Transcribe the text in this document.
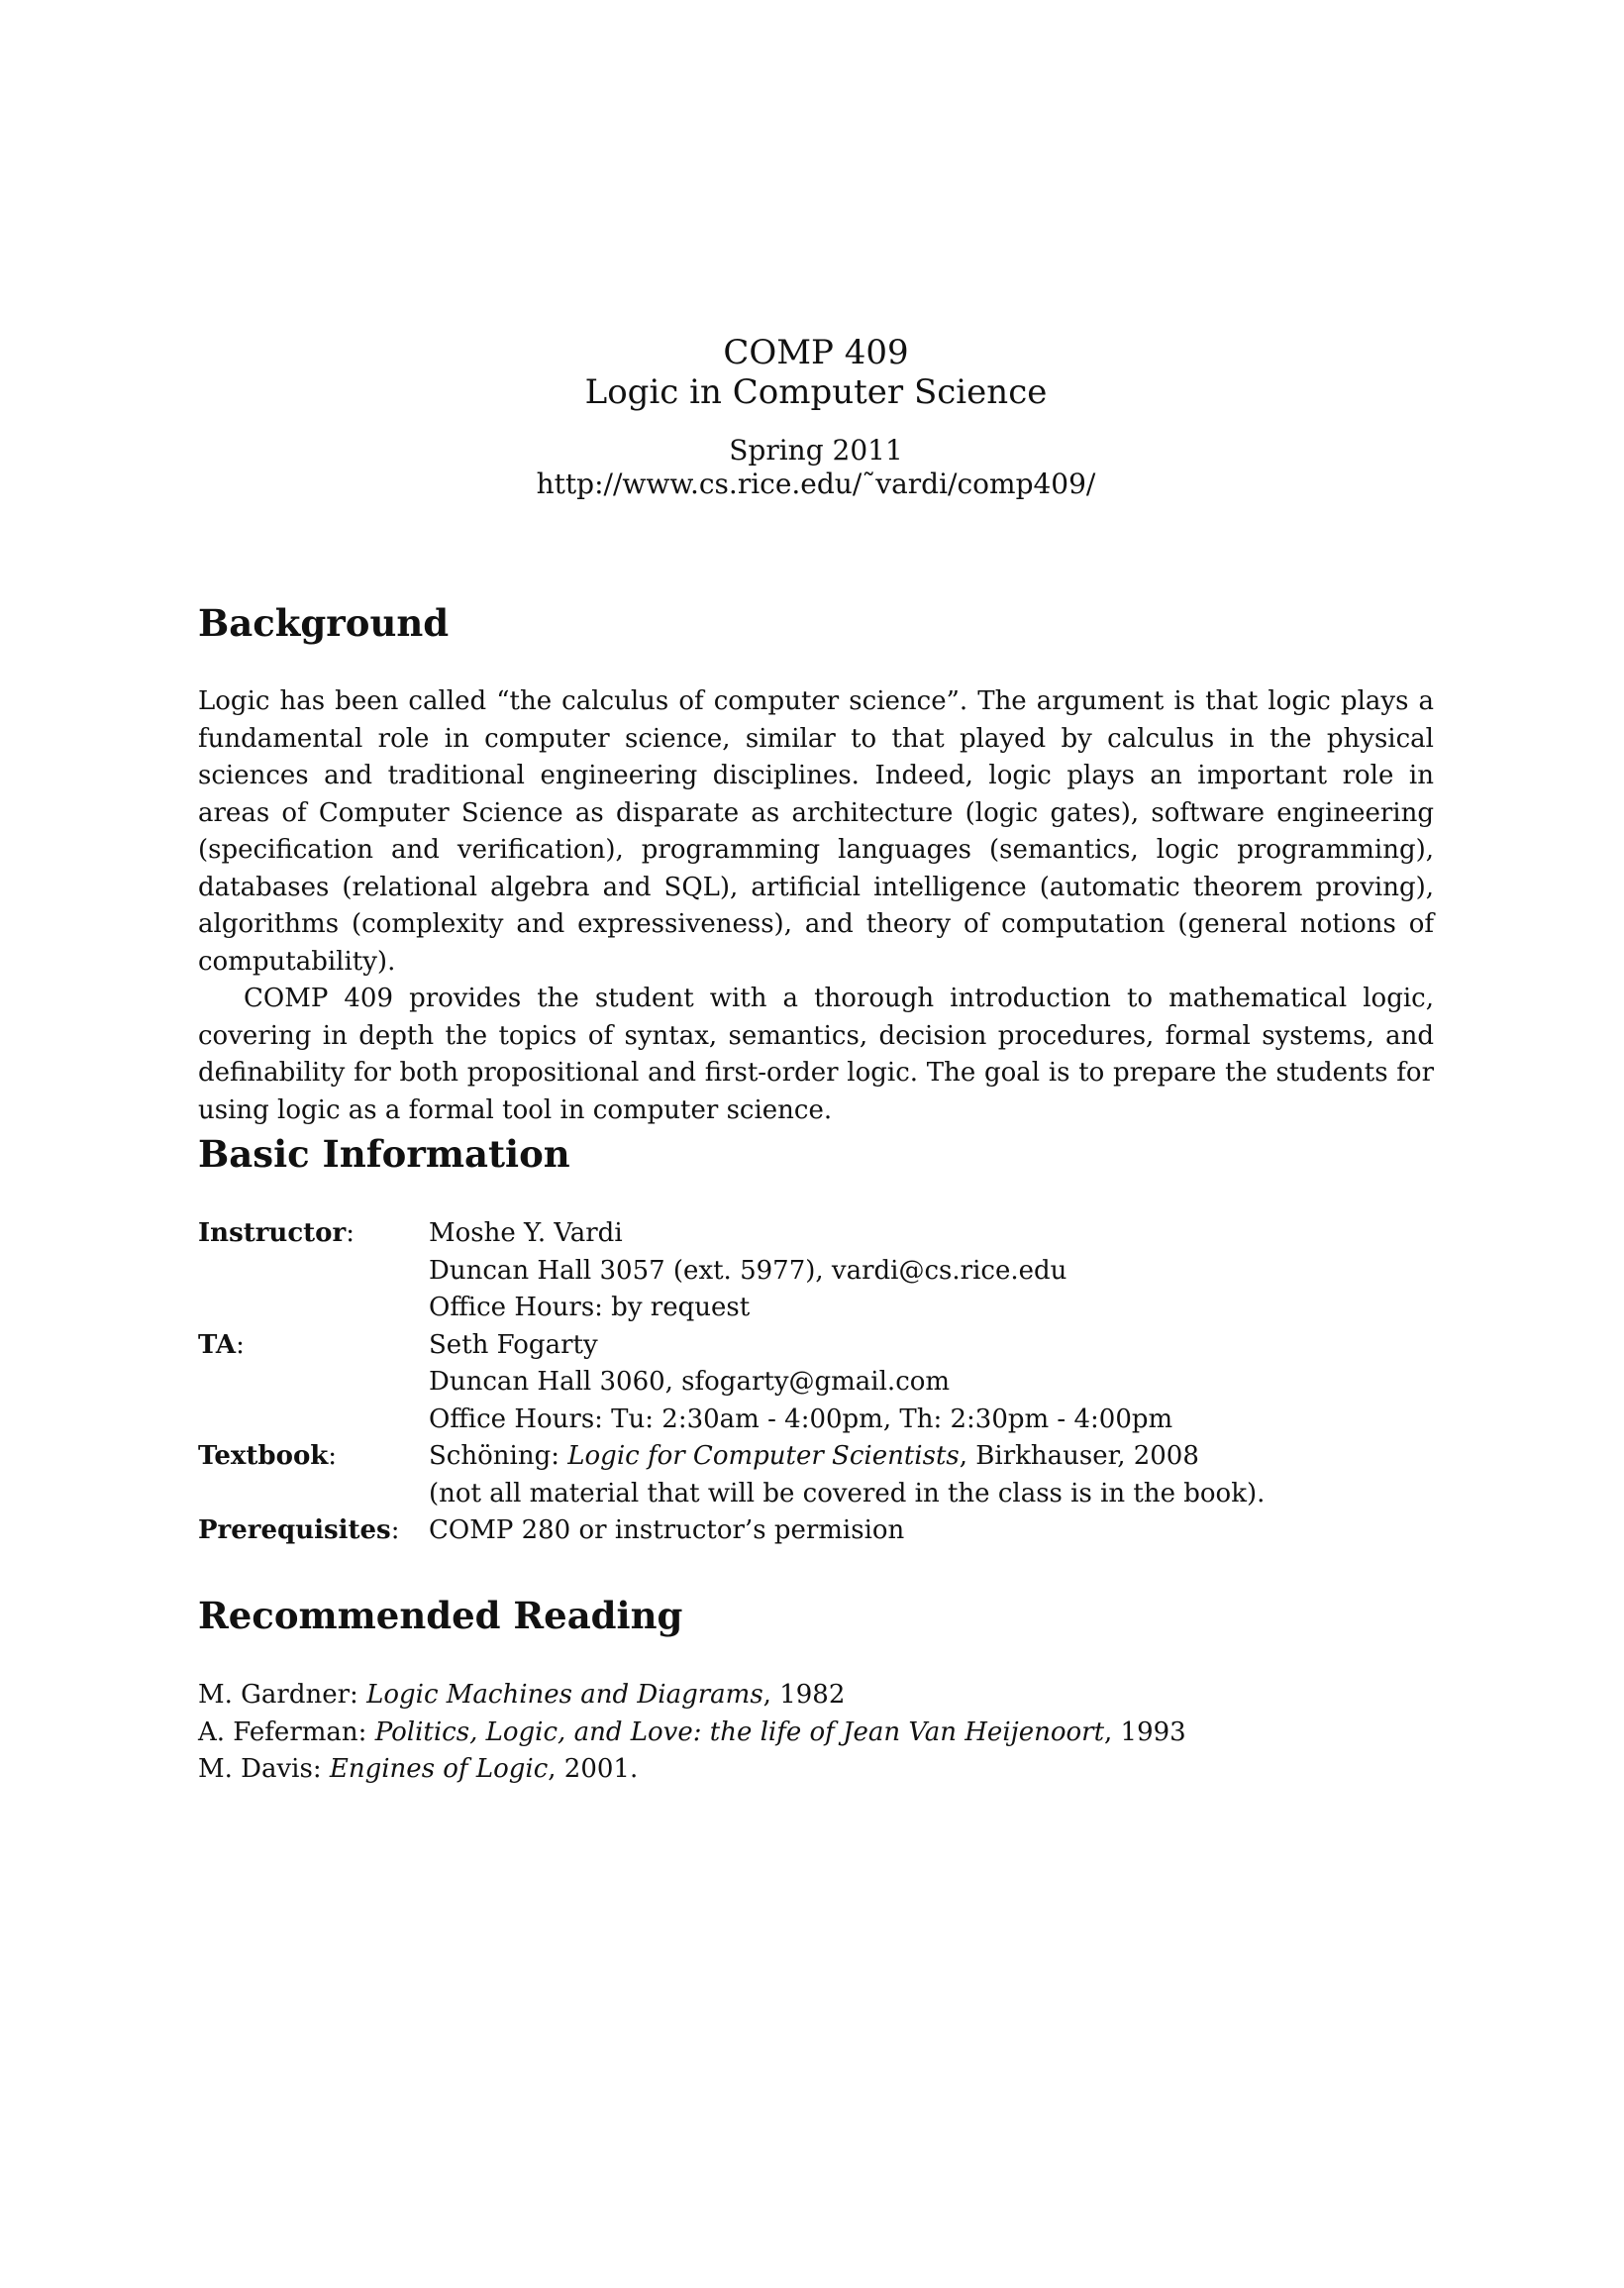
COMP 409
Logic in Computer Science
Spring 2011
http://www.cs.rice.edu/˜vardi/comp409/
Background

Logic has been called “the calculus of computer science”. The argument is that logic plays a fundamental role in computer science, similar to that played by calculus in the physical sciences and traditional engineering disciplines. Indeed, logic plays an important role in areas of Computer Science as disparate as architecture (logic gates), software engineering (specification and verification), programming languages (semantics, logic programming), databases (relational algebra and SQL), artificial intelligence (automatic theorem proving), algorithms (complexity and expressiveness), and theory of computation (general notions of computability).

COMP 409 provides the student with a thorough introduction to mathematical logic, covering in depth the topics of syntax, semantics, decision procedures, formal systems, and definability for both propositional and first-order logic. The goal is to prepare the students for using logic as a formal tool in computer science.

Basic Information
Instructor:	Moshe Y. Vardi
	Duncan Hall 3057 (ext. 5977), vardi@cs.rice.edu
	Office Hours: by request
TA:	Seth Fogarty
	Duncan Hall 3060, sfogarty@gmail.com
	Office Hours: Tu: 2:30am - 4:00pm, Th: 2:30pm - 4:00pm
Textbook:	Schöning: Logic for Computer Scientists, Birkhauser, 2008
	(not all material that will be covered in the class is in the book).
Prerequisites:	COMP 280 or instructor’s permision
Recommended Reading
M. Gardner: Logic Machines and Diagrams, 1982
A. Feferman: Politics, Logic, and Love: the life of Jean Van Heijenoort, 1993
M. Davis: Engines of Logic, 2001.
